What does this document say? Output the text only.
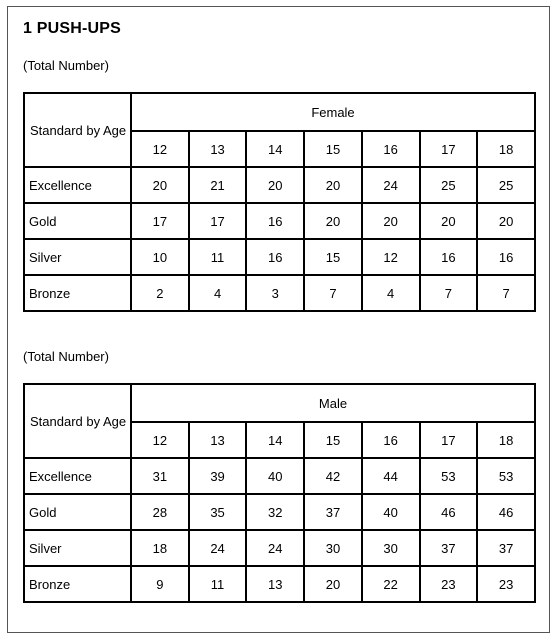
1 PUSH-UPS
(Total Number)
Standard by Age	Female						
	12	13	14	15	16	17	18
Excellence	20	21	20	20	24	25	25
Gold	17	17	16	20	20	20	20
Silver	10	11	16	15	12	16	16
Bronze	2	4	3	7	4	7	7
(Total Number)
Standard by Age	Male						
	12	13	14	15	16	17	18
Excellence	31	39	40	42	44	53	53
Gold	28	35	32	37	40	46	46
Silver	18	24	24	30	30	37	37
Bronze	9	11	13	20	22	23	23
